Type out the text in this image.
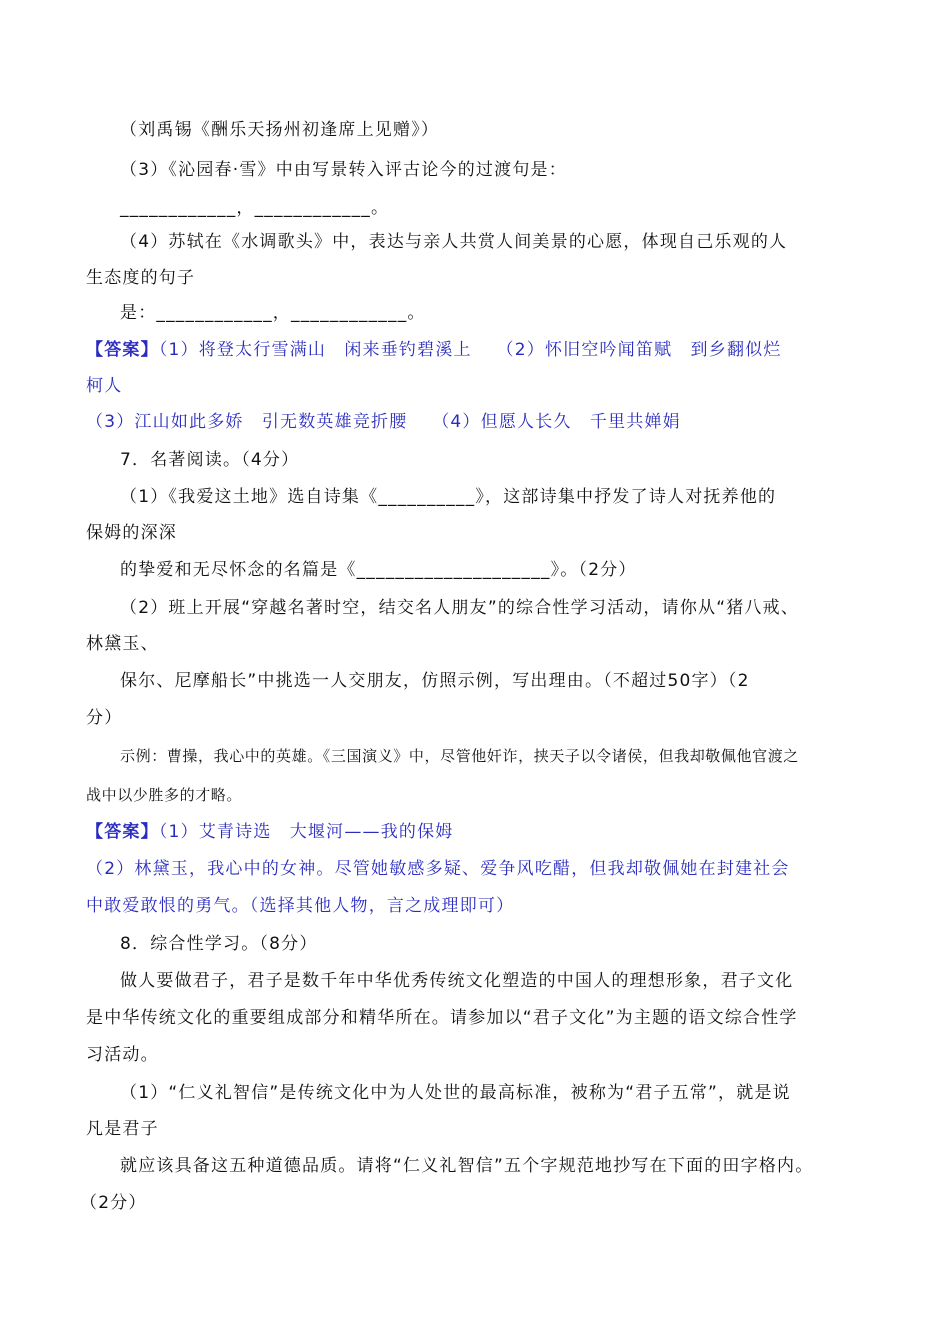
（刘禹锡《酬乐天扬州初逢席上见赠》）
（3）《沁园春·雪》中由写景转入评古论今的过渡句是：
____________，____________。
（4）苏轼在《水调歌头》中，表达与亲人共赏人间美景的心愿，体现自己乐观的人
生态度的句子
是：____________，____________。
【答案】（1）将登太行雪满山　闲来垂钓碧溪上　 （2）怀旧空吟闻笛赋　到乡翻似烂
柯人
（3）江山如此多娇　引无数英雄竞折腰　 （4）但愿人长久　千里共婵娟
7．名著阅读。（4分）
（1）《我爱这土地》选自诗集《__________》，这部诗集中抒发了诗人对抚养他的
保姆的深深
的挚爱和无尽怀念的名篇是《____________________》。（2分）
（2）班上开展“穿越名著时空，结交名人朋友”的综合性学习活动，请你从“猪八戒、
林黛玉、
保尔、尼摩船长”中挑选一人交朋友，仿照示例，写出理由。（不超过50字）（2
分）
示例：曹操，我心中的英雄。《三国演义》中，尽管他奸诈，挟天子以令诸侯，但我却敬佩他官渡之
战中以少胜多的才略。
【答案】（1）艾青诗选　大堰河——我的保姆
（2）林黛玉，我心中的女神。尽管她敏感多疑、爱争风吃醋，但我却敬佩她在封建社会
中敢爱敢恨的勇气。（选择其他人物，言之成理即可）
8．综合性学习。（8分）
做人要做君子，君子是数千年中华优秀传统文化塑造的中国人的理想形象，君子文化
是中华传统文化的重要组成部分和精华所在。请参加以“君子文化”为主题的语文综合性学
习活动。
（1）“仁义礼智信”是传统文化中为人处世的最高标准，被称为“君子五常”，就是说
凡是君子
就应该具备这五种道德品质。请将“仁义礼智信”五个字规范地抄写在下面的田字格内。
（2分）
